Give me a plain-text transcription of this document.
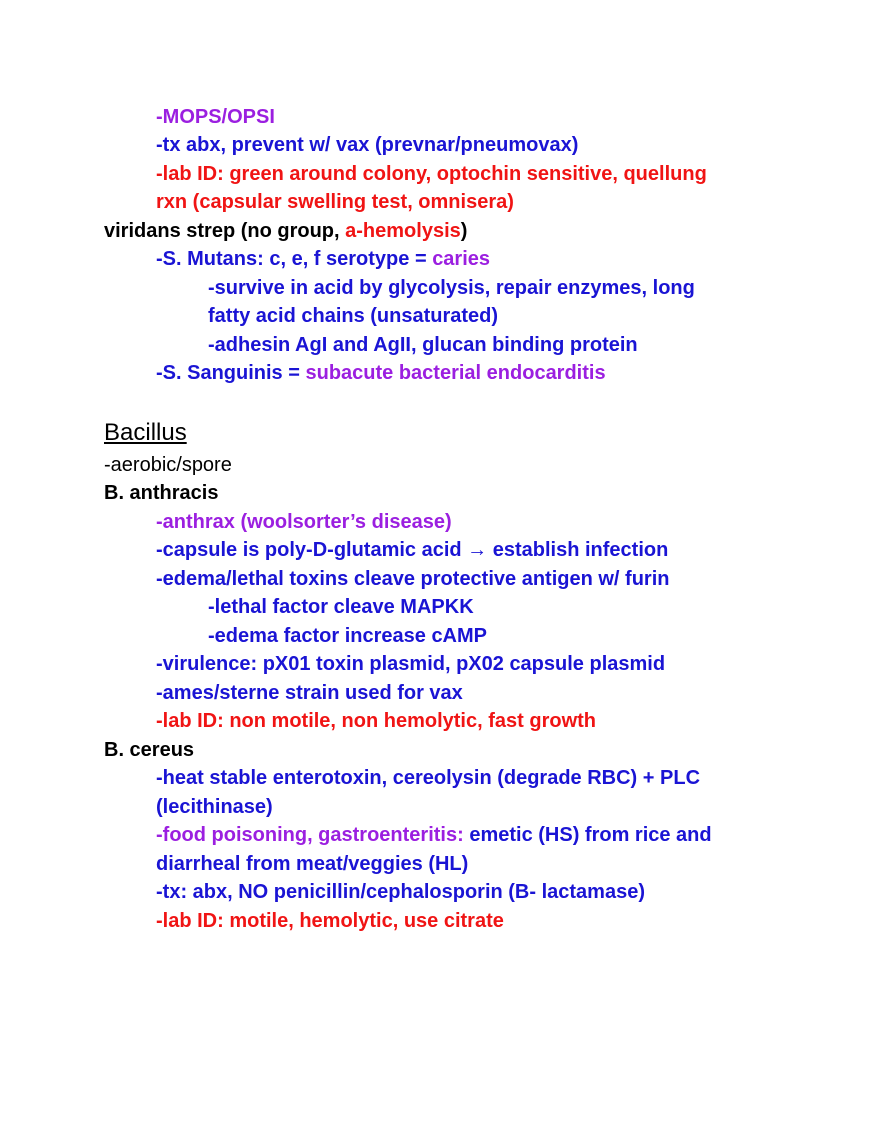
-MOPS/OPSI
-tx abx, prevent w/ vax (prevnar/pneumovax)
-lab ID: green around colony, optochin sensitive, quellung
rxn (capsular swelling test, omnisera)
viridans strep (no group, a-hemolysis)
-S. Mutans: c, e, f serotype = caries
-survive in acid by glycolysis, repair enzymes, long
fatty acid chains (unsaturated)
-adhesin AgI and AgII, glucan binding protein
-S. Sanguinis = subacute bacterial endocarditis
Bacillus
-aerobic/spore
B. anthracis
-anthrax (woolsorter’s disease)
-capsule is poly-D-glutamic acid → establish infection
-edema/lethal toxins cleave protective antigen w/ furin
-lethal factor cleave MAPKK
-edema factor increase cAMP
-virulence: pX01 toxin plasmid, pX02 capsule plasmid
-ames/sterne strain used for vax
-lab ID: non motile, non hemolytic, fast growth
B. cereus
-heat stable enterotoxin, cereolysin (degrade RBC) + PLC
(lecithinase)
-food poisoning, gastroenteritis: emetic (HS) from rice and
diarrheal from meat/veggies (HL)
-tx: abx, NO penicillin/cephalosporin (B- lactamase)
-lab ID: motile, hemolytic, use citrate
